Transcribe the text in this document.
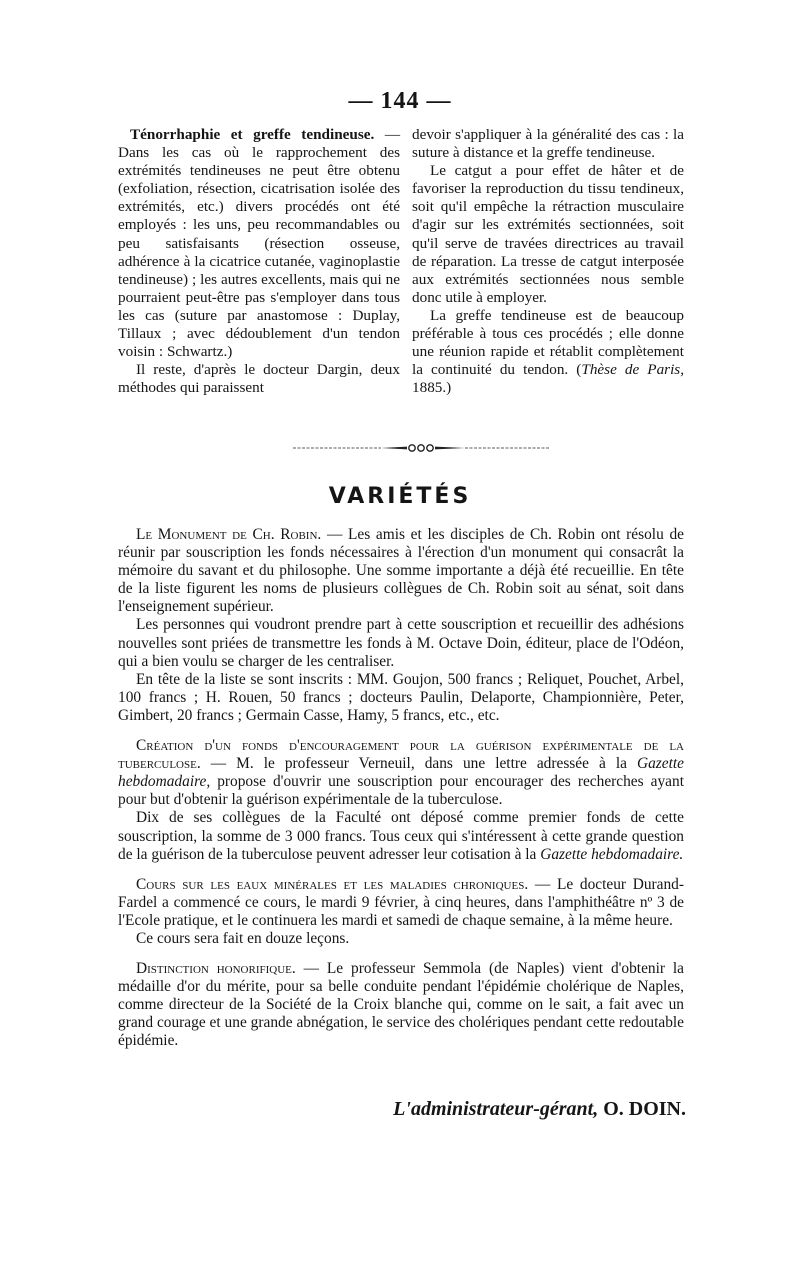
— 144 —

Ténorrhaphie et greffe tendineuse. — Dans les cas où le rapprochement des extrémités tendineuses ne peut être obtenu (exfoliation, résection, cicatrisation isolée des extrémités, etc.) divers procédés ont été employés : les uns, peu recommandables ou peu satisfaisants (résection osseuse, adhérence à la cicatrice cutanée, vaginoplastie tendineuse) ; les autres excellents, mais qui ne pourraient peut-être pas s'employer dans tous les cas (suture par anastomose : Duplay, Tillaux ; avec dédoublement d'un tendon voisin : Schwartz.)

Il reste, d'après le docteur Dargin, deux méthodes qui paraissent

devoir s'appliquer à la généralité des cas : la suture à distance et la greffe tendineuse.

Le catgut a pour effet de hâter et de favoriser la reproduction du tissu tendineux, soit qu'il empêche la rétraction musculaire d'agir sur les extrémités sectionnées, soit qu'il serve de travées directrices au travail de réparation. La tresse de catgut interposée aux extrémités sectionnées nous semble donc utile à employer.

La greffe tendineuse est de beaucoup préférable à tous ces procédés ; elle donne une réunion rapide et rétablit complètement la continuité du tendon. (Thèse de Paris, 1885.)

VARIÉTÉS

Le Monument de Ch. Robin. — Les amis et les disciples de Ch. Robin ont résolu de réunir par souscription les fonds nécessaires à l'érection d'un monument qui consacrât la mémoire du savant et du philosophe. Une somme importante a déjà été recueillie. En tête de la liste figurent les noms de plusieurs collègues de Ch. Robin soit au sénat, soit dans l'enseignement supérieur.

Les personnes qui voudront prendre part à cette souscription et recueillir des adhésions nouvelles sont priées de transmettre les fonds à M. Octave Doin, éditeur, place de l'Odéon, qui a bien voulu se charger de les centraliser.

En tête de la liste se sont inscrits : MM. Goujon, 500 francs ; Reliquet, Pouchet, Arbel, 100 francs ; H. Rouen, 50 francs ; docteurs Paulin, Delaporte, Championnière, Peter, Gimbert, 20 francs ; Germain Casse, Hamy, 5 francs, etc., etc.

Création d'un fonds d'encouragement pour la guérison expérimentale de la tuberculose. — M. le professeur Verneuil, dans une lettre adressée à la Gazette hebdomadaire, propose d'ouvrir une souscription pour encourager des recherches ayant pour but d'obtenir la guérison expérimentale de la tuberculose.

Dix de ses collègues de la Faculté ont déposé comme premier fonds de cette souscription, la somme de 3 000 francs. Tous ceux qui s'intéressent à cette grande question de la guérison de la tuberculose peuvent adresser leur cotisation à la Gazette hebdomadaire.

Cours sur les eaux minérales et les maladies chroniques. — Le docteur Durand-Fardel a commencé ce cours, le mardi 9 février, à cinq heures, dans l'amphithéâtre nº 3 de l'Ecole pratique, et le continuera les mardi et samedi de chaque semaine, à la même heure.

Ce cours sera fait en douze leçons.

Distinction honorifique. — Le professeur Semmola (de Naples) vient d'obtenir la médaille d'or du mérite, pour sa belle conduite pendant l'épidémie cholérique de Naples, comme directeur de la Société de la Croix blanche qui, comme on le sait, a fait avec un grand courage et une grande abnégation, le service des cholériques pendant cette redoutable épidémie.

L'administrateur-gérant, O. DOIN.
